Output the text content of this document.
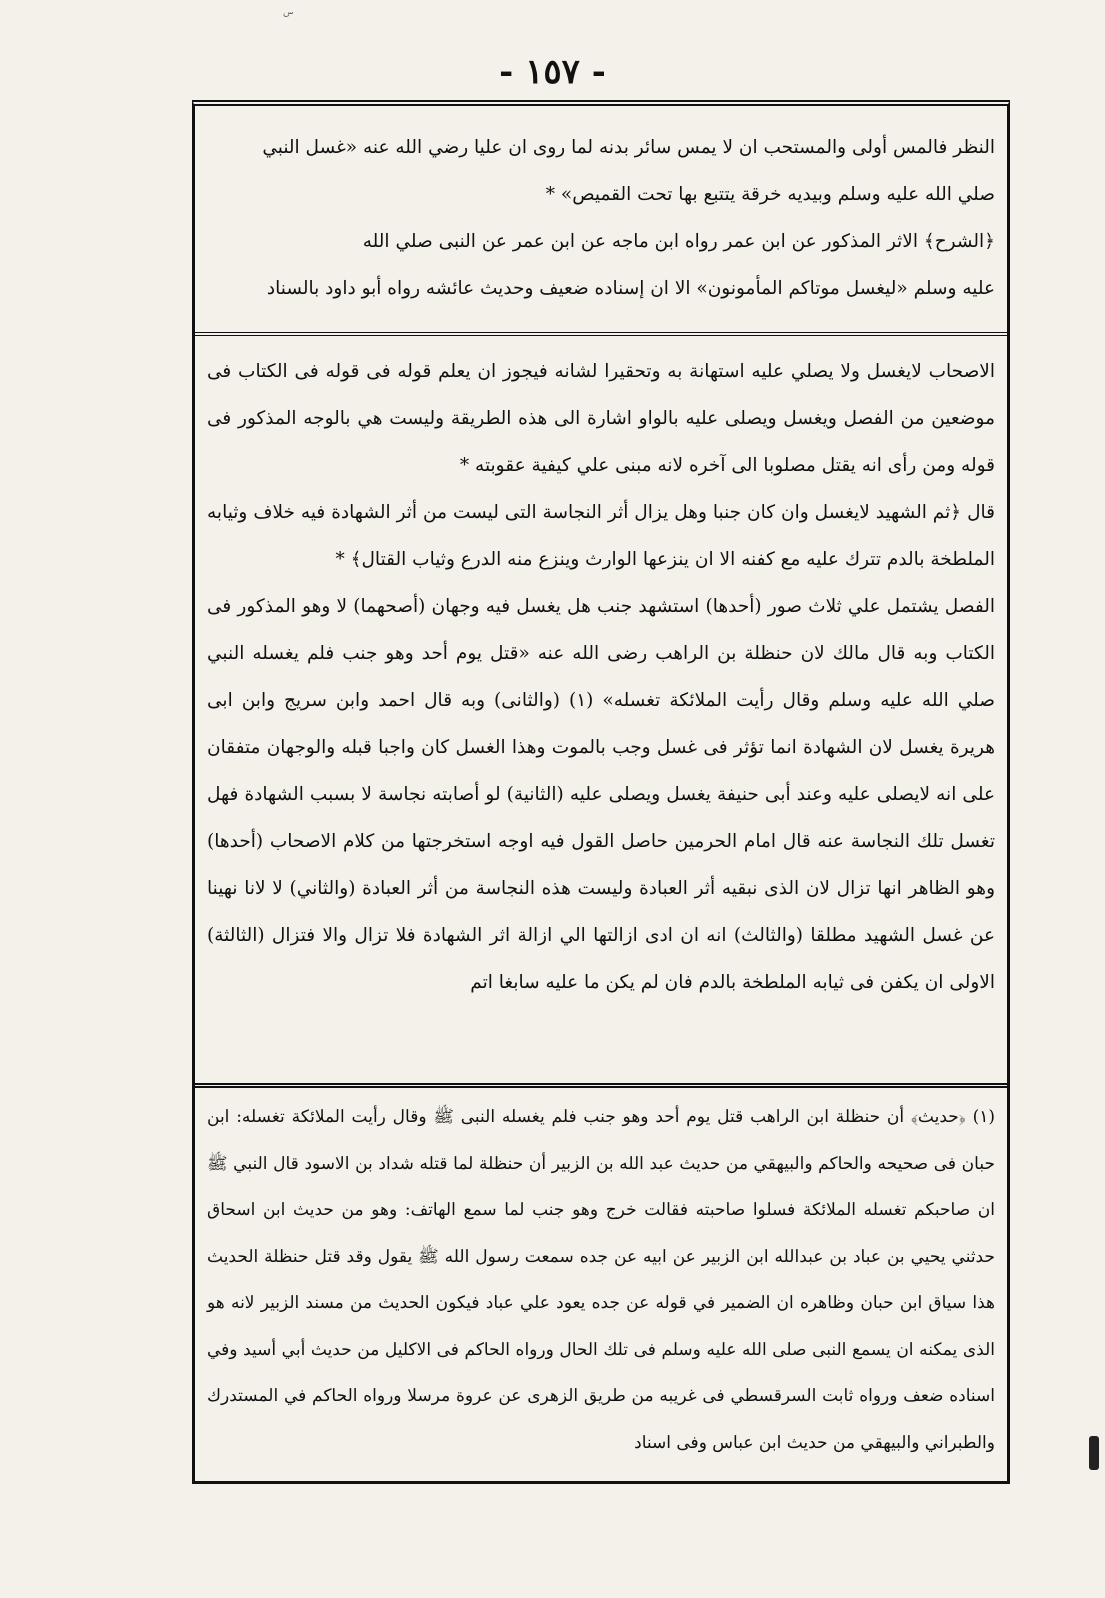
- ١٥٧ -

النظر فالمس أولى والمستحب ان لا يمس سائر بدنه لما روى ان عليا رضي الله عنه «غسل النبي

صلي الله عليه وسلم وبيديه خرقة يتتبع بها تحت القميص» *

﴿الشرح﴾ الاثر المذكور عن ابن عمر رواه ابن ماجه عن ابن عمر عن النبى صلي الله

عليه وسلم «ليغسل موتاكم المأمونون» الا ان إسناده ضعيف وحديث عائشه رواه أبو داود بالسناد

الاصحاب لايغسل ولا يصلي عليه استهانة به وتحقيرا لشانه فيجوز ان يعلم قوله فى قوله فى الكتاب فى موضعين من الفصل ويغسل ويصلى عليه بالواو اشارة الى هذه الطريقة وليست هي بالوجه المذكور فى قوله ومن رأى انه يقتل مصلوبا الى آخره لانه مبنى علي كيفية عقوبته *

قال ﴿ثم الشهيد لايغسل وان كان جنبا وهل يزال أثر النجاسة التى ليست من أثر الشهادة فيه خلاف وثيابه الملطخة بالدم تترك عليه مع كفنه الا ان ينزعها الوارث وينزع منه الدرع وثياب القتال﴾ *

الفصل يشتمل علي ثلاث صور (أحدها) استشهد جنب هل يغسل فيه وجهان (أصحهما) لا وهو المذكور فى الكتاب وبه قال مالك لان حنظلة بن الراهب رضى الله عنه «قتل يوم أحد وهو جنب فلم يغسله النبي صلي الله عليه وسلم وقال رأيت الملائكة تغسله» (١) (والثانى) وبه قال احمد وابن سريج وابن ابى هريرة يغسل لان الشهادة انما تؤثر فى غسل وجب بالموت وهذا الغسل كان واجبا قبله والوجهان متفقان على انه لايصلى عليه وعند أبى حنيفة يغسل ويصلى عليه (الثانية) لو أصابته نجاسة لا بسبب الشهادة فهل تغسل تلك النجاسة عنه قال امام الحرمين حاصل القول فيه اوجه استخرجتها من كلام الاصحاب (أحدها) وهو الظاهر انها تزال لان الذى نبقيه أثر العبادة وليست هذه النجاسة من أثر العبادة (والثاني) لا لانا نهينا عن غسل الشهيد مطلقا (والثالث) انه ان ادى ازالتها الي ازالة اثر الشهادة فلا تزال والا فتزال (الثالثة) الاولى ان يكفن فى ثيابه الملطخة بالدم فان لم يكن ما عليه سابغا اتم

(١) ﴿حديث﴾ أن حنظلة ابن الراهب قتل يوم أحد وهو جنب فلم يغسله النبى ﷺ وقال رأيت الملائكة تغسله: ابن حبان فى صحيحه والحاكم والبيهقي من حديث عبد الله بن الزبير أن حنظلة لما قتله شداد بن الاسود قال النبي ﷺ ان صاحبكم تغسله الملائكة فسلوا صاحبته فقالت خرج وهو جنب لما سمع الهاتف: وهو من حديث ابن اسحاق حدثني يحيي بن عباد بن عبدالله ابن الزبير عن ابيه عن جده سمعت رسول الله ﷺ يقول وقد قتل حنظلة الحديث هذا سياق ابن حبان وظاهره ان الضمير في قوله عن جده يعود علي عباد فيكون الحديث من مسند الزبير لانه هو الذى يمكنه ان يسمع النبى صلى الله عليه وسلم فى تلك الحال ورواه الحاكم فى الاكليل من حديث أبي أسيد وفي اسناده ضعف ورواه ثابت السرقسطي فى غريبه من طريق الزهرى عن عروة مرسلا ورواه الحاكم في المستدرك والطبراني والبيهقي من حديث ابن عباس وفى اسناد
